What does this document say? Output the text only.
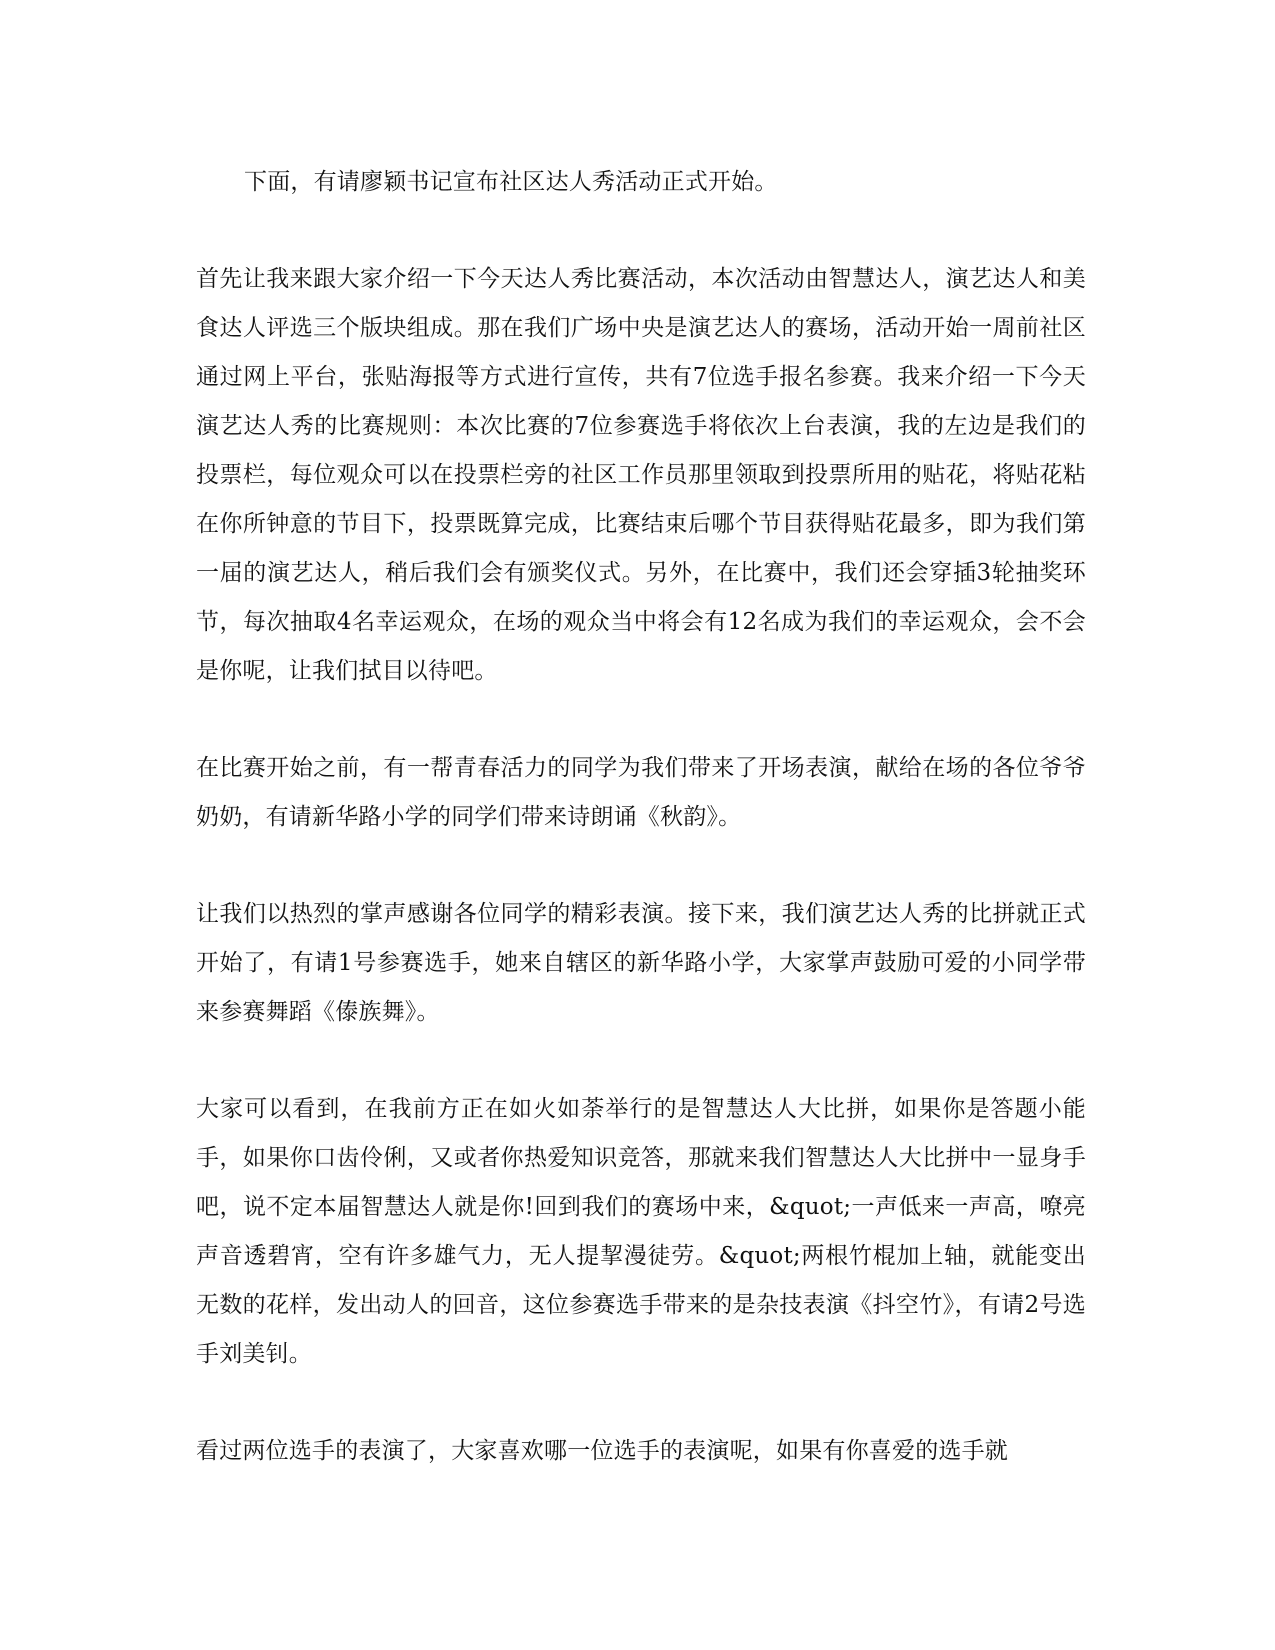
下面，有请廖颖书记宣布社区达人秀活动正式开始。

首先让我来跟大家介绍一下今天达人秀比赛活动，本次活动由智慧达人，演艺达人和美食达人评选三个版块组成。那在我们广场中央是演艺达人的赛场，活动开始一周前社区通过网上平台，张贴海报等方式进行宣传，共有7位选手报名参赛。我来介绍一下今天演艺达人秀的比赛规则：本次比赛的7位参赛选手将依次上台表演，我的左边是我们的投票栏，每位观众可以在投票栏旁的社区工作员那里领取到投票所用的贴花，将贴花粘在你所钟意的节目下，投票既算完成，比赛结束后哪个节目获得贴花最多，即为我们第一届的演艺达人，稍后我们会有颁奖仪式。另外，在比赛中，我们还会穿插3轮抽奖环节，每次抽取4名幸运观众，在场的观众当中将会有12名成为我们的幸运观众，会不会是你呢，让我们拭目以待吧。

在比赛开始之前，有一帮青春活力的同学为我们带来了开场表演，献给在场的各位爷爷奶奶，有请新华路小学的同学们带来诗朗诵《秋韵》。

让我们以热烈的掌声感谢各位同学的精彩表演。接下来，我们演艺达人秀的比拼就正式开始了，有请1号参赛选手，她来自辖区的新华路小学，大家掌声鼓励可爱的小同学带来参赛舞蹈《傣族舞》。

大家可以看到，在我前方正在如火如荼举行的是智慧达人大比拼，如果你是答题小能手，如果你口齿伶俐，又或者你热爱知识竞答，那就来我们智慧达人大比拼中一显身手吧，说不定本届智慧达人就是你!回到我们的赛场中来，&quot;一声低来一声高，嘹亮声音透碧宵，空有许多雄气力，无人提挈漫徒劳。&quot;两根竹棍加上轴，就能变出无数的花样，发出动人的回音，这位参赛选手带来的是杂技表演《抖空竹》，有请2号选手刘美钊。

看过两位选手的表演了，大家喜欢哪一位选手的表演呢，如果有你喜爱的选手就
